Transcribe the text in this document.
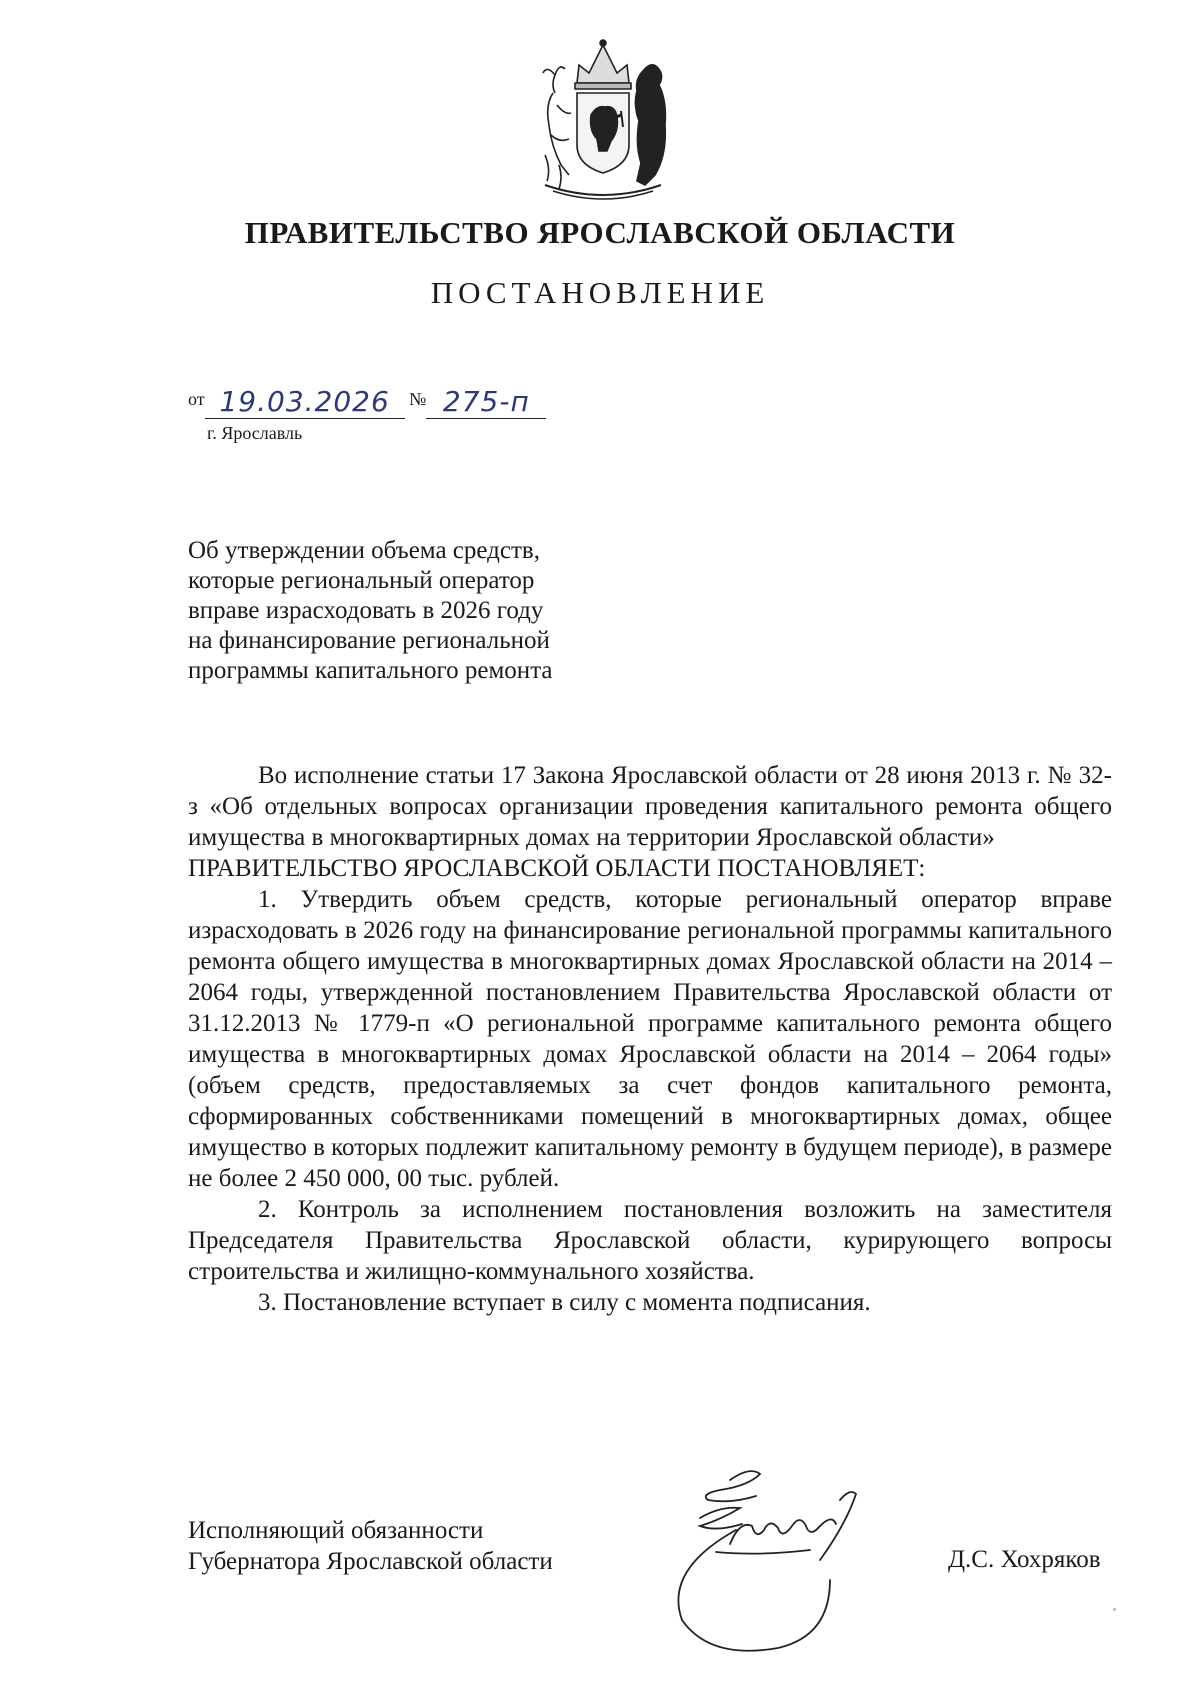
ПРАВИТЕЛЬСТВО ЯРОСЛАВСКОЙ ОБЛАСТИ
ПОСТАНОВЛЕНИЕ
от 19.03.2026 № 275-п
г. Ярославль
Об утверждении объема средств,
которые региональный оператор
вправе израсходовать в 2026 году
на финансирование региональной
программы капитального ремонта

Во исполнение статьи 17 Закона Ярославской области от 28 июня 2013 г. № 32-з «Об отдельных вопросах организации проведения капитального ремонта общего имущества в многоквартирных домах на территории Ярославской области»

ПРАВИТЕЛЬСТВО ЯРОСЛАВСКОЙ ОБЛАСТИ ПОСТАНОВЛЯЕТ:

1. Утвердить объем средств, которые региональный оператор вправе израсходовать в 2026 году на финансирование региональной программы капитального ремонта общего имущества в многоквартирных домах Ярославской области на 2014 – 2064 годы, утвержденной постановлением Правительства Ярославской области от 31.12.2013 № 1779-п «О региональной программе капитального ремонта общего имущества в многоквартирных домах Ярославской области на 2014 – 2064 годы» (объем средств, предоставляемых за счет фондов капитального ремонта, сформированных собственниками помещений в многоквартирных домах, общее имущество в которых подлежит капитальному ремонту в будущем периоде), в размере не более 2 450 000, 00 тыс. рублей.

2. Контроль за исполнением постановления возложить на заместителя Председателя Правительства Ярославской области, курирующего вопросы строительства и жилищно-коммунального хозяйства.

3. Постановление вступает в силу с момента подписания.

Исполняющий обязанности
Губернатора Ярославской области	Д.С. Хохряков
